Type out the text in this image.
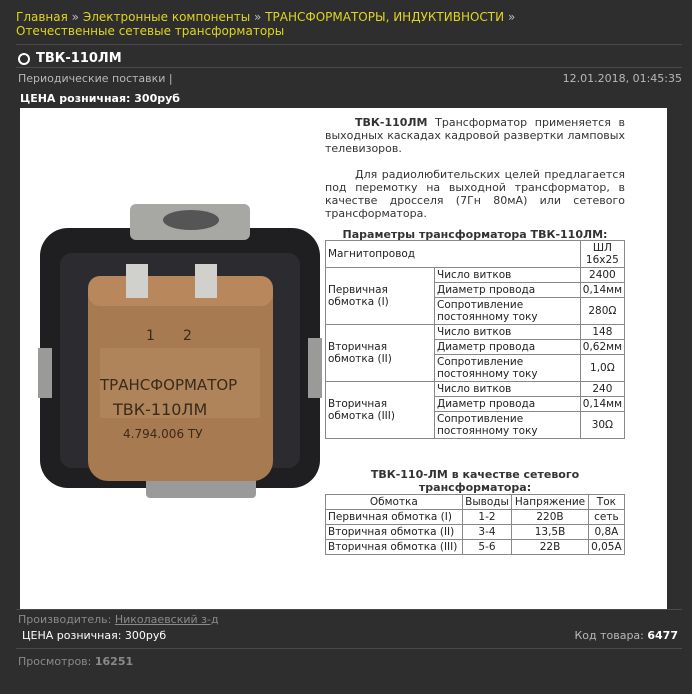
Главная » Электронные компоненты » ТРАНСФОРМАТОРЫ, ИНДУКТИВНОСТИ »
Отечественные сетевые трансформаторы
ТВК-110ЛМ
Периодические поставки |	12.01.2018, 01:45:35
ЦЕНА розничная: 300руб
1 2
ТРАНСФОРМАТОР
ТВК-110ЛМ
4.794.006 ТУ

ТВК-110ЛМ Трансформатор применяется в выходных каскадах кадровой развертки ламповых телевизоров.

Для радиолюбительских целей предлагается под перемотку на выходной трансформатор, в качестве дросселя (7Гн 80мА) или сетевого трансформатора.

Параметры трансформатора ТВК-110ЛМ:
Магнитопровод		ШЛ 16х25
Первичная обмотка (I)	Число витков	2400
	Диаметр провода	0,14мм
	Сопротивление постоянному току	280Ω
Вторичная обмотка (II)	Число витков	148
	Диаметр провода	0,62мм
	Сопротивление постоянному току	1,0Ω
Вторичная обмотка (III)	Число витков	240
	Диаметр провода	0,14мм
	Сопротивление постоянному току	30Ω
ТВК-110-ЛМ в качестве сетевого трансформатора:
Обмотка	Выводы	Напряжение	Ток
Первичная обмотка (I)	1-2	220В	сеть
Вторичная обмотка (II)	3-4	13,5В	0,8А
Вторичная обмотка (III)	5-6	22В	0,05А
Производитель: Николаевский з-д
ЦЕНА розничная: 300руб	Код товара: 6477
Просмотров: 16251
